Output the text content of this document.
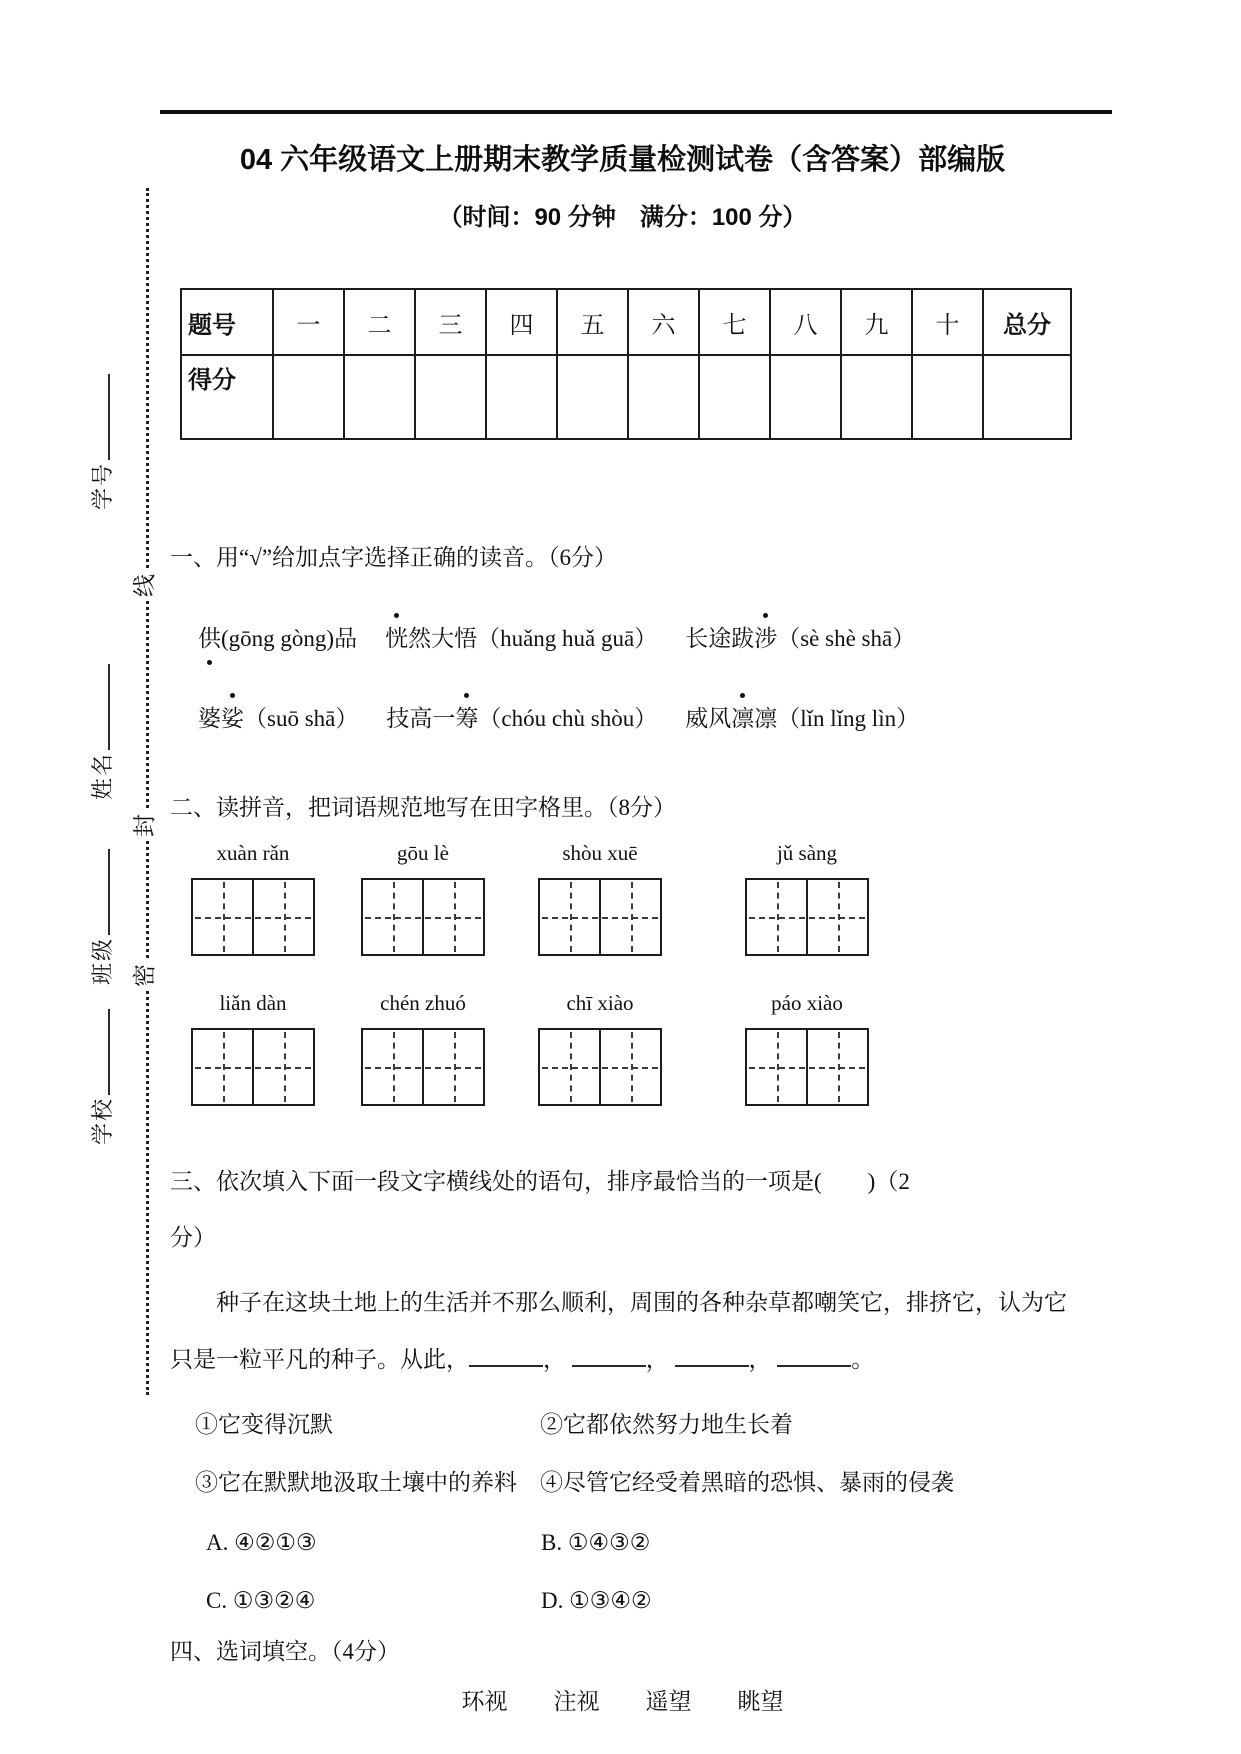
学号
线
姓名
封
班级 密
学校
04 六年级语文上册期末教学质量检测试卷（含答案）部编版
（时间：90 分钟　满分：100 分）
题号	一	二	三	四	五	六	七	八	九	十	总分
得分											

一、用“√”给加点字选择正确的读音。（6分）

供(gōng gòng)品 恍然大悟（huǎng huǎ guā） 长途跋涉（sè shè shā）
婆娑（suō shā） 技高一筹（chóu chù shòu） 威风凛凛（lǐn lǐng lìn）

二、读拼音，把词语规范地写在田字格里。（8分）

xuàn rǎn	gōu lè	shòu xuē	jǔ sàng
liǎn dàn	chén zhuó	chī xiào	páo xiào

三、依次填入下面一段文字横线处的语句，排序最恰当的一项是(　　)（2
分）

种子在这块土地上的生活并不那么顺利，周围的各种杂草都嘲笑它，排挤它，认为它只是一粒平凡的种子。从此，	，	，	，	。

①它变得沉默	②它都依然努力地生长着
③它在默默地汲取土壤中的养料	④尽管它经受着黑暗的恐惧、暴雨的侵袭
A. ④②①③	B. ①④③②
C. ①③②④	D. ①③④②

四、选词填空。（4分）

环视 注视 遥望 眺望
